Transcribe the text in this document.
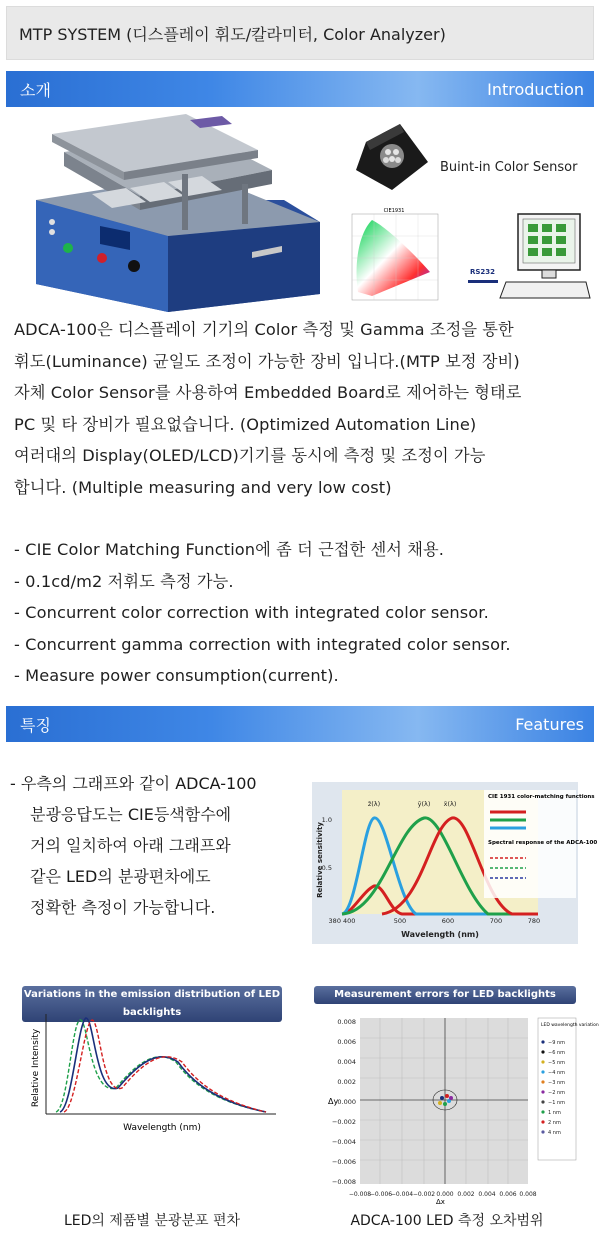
MTP SYSTEM (디스플레이 휘도/칼라미터, Color Analyzer)
소개	Introduction
Buint-in Color Sensor
CIE1931
RS232

ADCA-100은 디스플레이 기기의 Color 측정 및 Gamma 조정을 통한

휘도(Luminance) 균일도 조정이 가능한 장비 입니다.(MTP 보정 장비)

자체 Color Sensor를 사용하여 Embedded Board로 제어하는 형태로

PC 및 타 장비가 필요없습니다. (Optimized Automation Line)

여러대의 Display(OLED/LCD)기기를 동시에 측정 및 조정이 가능

합니다. (Multiple measuring and very low cost)

- CIE Color Matching Function에 좀 더 근접한 센서 채용.

- 0.1cd/m2 저휘도 측정 가능.

- Concurrent color correction with integrated color sensor.

- Concurrent gamma correction with integrated color sensor.

- Measure power consumption(current).

특징	Features

- 우측의 그래프와 같이 ADCA-100

분광응답도는 CIE등색함수에

거의 일치하여 아래 그래프와

같은 LED의 분광편차에도

정확한 측정이 가능합니다.

1.0
0.5
380 400	500	600	700	780
Wavelength (nm)
Relative sensitivity
z̄(λ)	ȳ(λ) x̄(λ)
CIE 1931 color-matching functions
Spectral response of the ADCA-100
Variations in the emission distribution of LED backlights
Relative Intensity
Wavelength (nm)
LED의 제품별 분광분포 편차
Measurement errors for LED backlights
0.008
0.006
0.004
0.002
0.000
−0.002
−0.004
−0.006
−0.008
−0.008
−0.006
−0.004 −0.002 0.000 0.002 0.004 0.006 0.008
Δy
Δx
LED wavelength variation
−9 nm
−6 nm
−5 nm
−4 nm
−3 nm
−2 nm
−1 nm
1 nm
2 nm
4 nm
ADCA-100 LED 측정 오차범위
